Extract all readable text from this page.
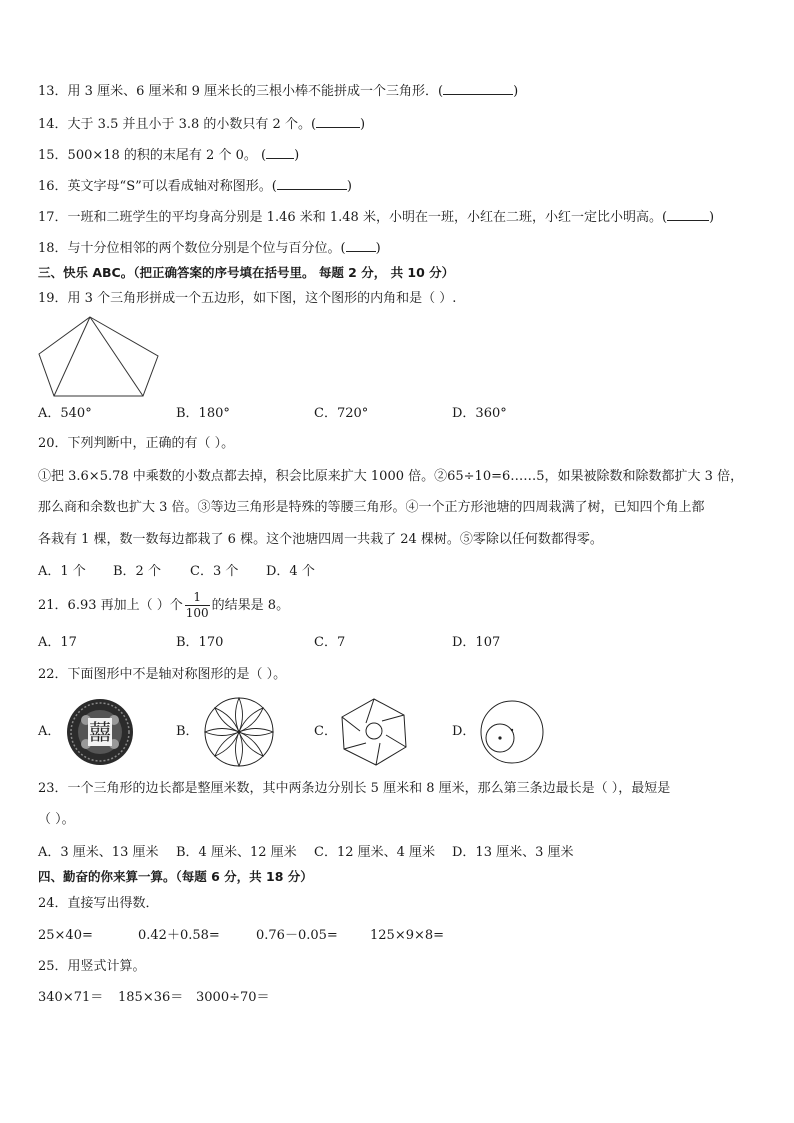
13．用 3 厘米、6 厘米和 9 厘米长的三根小棒不能拼成一个三角形．(	)
14．大于 3.5 并且小于 3.8 的小数只有 2 个。(	)
15．500×18 的积的末尾有 2 个 0。 ( )
16．英文字母“S”可以看成轴对称图形。(	)
17．一班和二班学生的平均身高分别是 1.46 米和 1.48 米，小明在一班，小红在二班，小红一定比小明高。(	)
18．与十分位相邻的两个数位分别是个位与百分位。( )
三、快乐 ABC。（把正确答案的序号填在括号里。 每题 2 分， 共 10 分）
19．用 3 个三角形拼成一个五边形，如下图，这个图形的内角和是（ ）.
A．540°	B．180°	C．720°	D．360°
20．下列判断中，正确的有（ ）。
①把 3.6×5.78 中乘数的小数点都去掉，积会比原来扩大 1000 倍。②65÷10=6……5，如果被除数和除数都扩大 3 倍，
那么商和余数也扩大 3 倍。③等边三角形是特殊的等腰三角形。④一个正方形池塘的四周栽满了树，已知四个角上都
各栽有 1 棵，数一数每边都栽了 6 棵。这个池塘四周一共栽了 24 棵树。⑤零除以任何数都得零。
A．1 个 B．2 个 C．3 个 D．4 个
21．6.93 再加上（ ）个 $\frac{1}{100}$ 的结果是 8。
A．17	B．170	C．7	D．107
22．下面图形中不是轴对称图形的是（ ）。
A． 囍	B．	C．	D．
23．一个三角形的边长都是整厘米数，其中两条边分别长 5 厘米和 8 厘米，那么第三条边最长是（ ），最短是
（ ）。
A．3 厘米、13 厘米 B．4 厘米、12 厘米 C．12 厘米、4 厘米 D．13 厘米、3 厘米
四、勤奋的你来算一算。（每题 6 分，共 18 分）
24．直接写出得数．
25×40=	0.42＋0.58=	0.76－0.05= 125×9×8=
25．用竖式计算。
340×71＝ 185×36＝ 3000÷70＝
